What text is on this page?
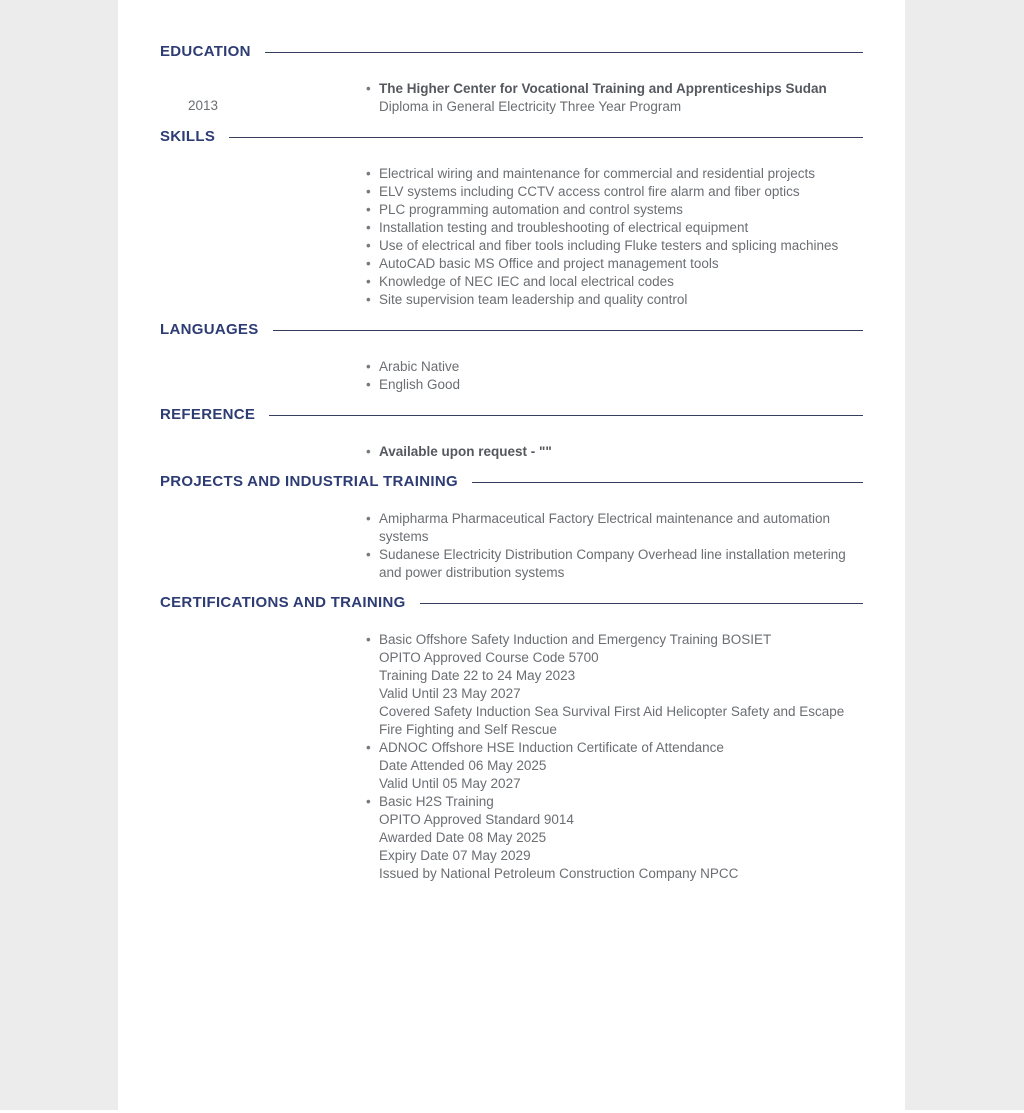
EDUCATION
• 2013
The Higher Center for Vocational Training and Apprenticeships Sudan
Diploma in General Electricity Three Year Program
SKILLS
• Electrical wiring and maintenance for commercial and residential projects
• ELV systems including CCTV access control fire alarm and fiber optics
• PLC programming automation and control systems
• Installation testing and troubleshooting of electrical equipment
• Use of electrical and fiber tools including Fluke testers and splicing machines
• AutoCAD basic MS Office and project management tools
• Knowledge of NEC IEC and local electrical codes
• Site supervision team leadership and quality control
LANGUAGES
• Arabic Native
• English Good
REFERENCE
• Available upon request - ""
PROJECTS AND INDUSTRIAL TRAINING
• Amipharma Pharmaceutical Factory Electrical maintenance and automation systems
• Sudanese Electricity Distribution Company Overhead line installation metering and power distribution systems
CERTIFICATIONS AND TRAINING
• Basic Offshore Safety Induction and Emergency Training BOSIET
OPITO Approved Course Code 5700
Training Date 22 to 24 May 2023
Valid Until 23 May 2027
Covered Safety Induction Sea Survival First Aid Helicopter Safety and Escape Fire Fighting and Self Rescue
• ADNOC Offshore HSE Induction Certificate of Attendance
Date Attended 06 May 2025
Valid Until 05 May 2027
• Basic H2S Training
OPITO Approved Standard 9014
Awarded Date 08 May 2025
Expiry Date 07 May 2029
Issued by National Petroleum Construction Company NPCC
